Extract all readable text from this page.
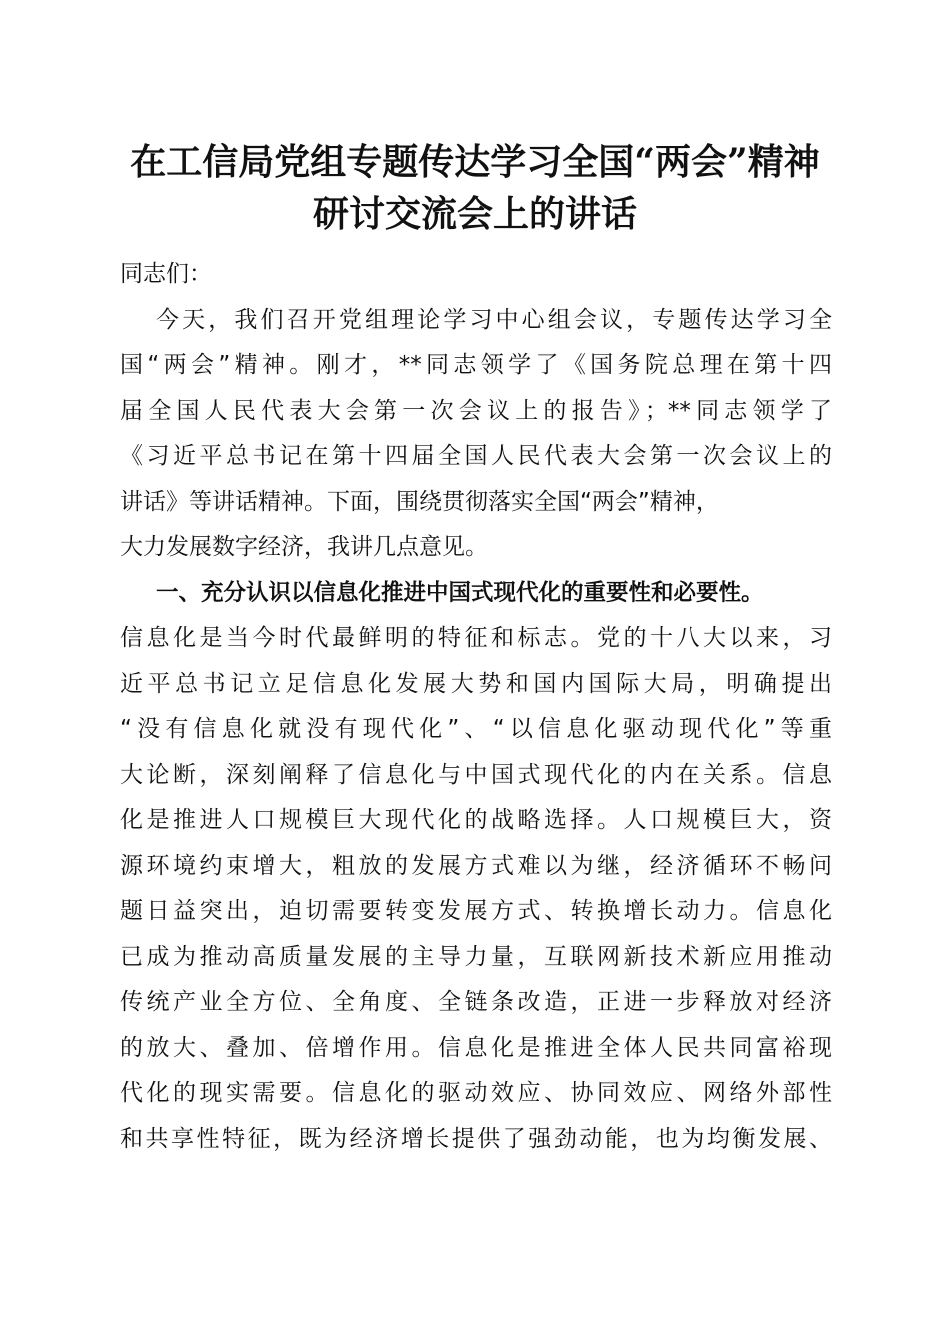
在工信局党组专题传达学习全国“两会”精神
研讨交流会上的讲话
同志们：
今天，我们召开党组理论学习中心组会议，专题传达学习全
国“两会”精神。刚才，**同志领学了《国务院总理在第十四
届全国人民代表大会第一次会议上的报告》；**同志领学了
《习近平总书记在第十四届全国人民代表大会第一次会议上的
讲话》等讲话精神。下面，围绕贯彻落实全国“两会”精神，
大力发展数字经济，我讲几点意见。
一、充分认识以信息化推进中国式现代化的重要性和必要性。
信息化是当今时代最鲜明的特征和标志。党的十八大以来，习
近平总书记立足信息化发展大势和国内国际大局，明确提出
“没有信息化就没有现代化”、“以信息化驱动现代化”等重
大论断，深刻阐释了信息化与中国式现代化的内在关系。信息
化是推进人口规模巨大现代化的战略选择。人口规模巨大，资
源环境约束增大，粗放的发展方式难以为继，经济循环不畅问
题日益突出，迫切需要转变发展方式、转换增长动力。信息化
已成为推动高质量发展的主导力量，互联网新技术新应用推动
传统产业全方位、全角度、全链条改造，正进一步释放对经济
的放大、叠加、倍增作用。信息化是推进全体人民共同富裕现
代化的现实需要。信息化的驱动效应、协同效应、网络外部性
和共享性特征，既为经济增长提供了强劲动能，也为均衡发展、
